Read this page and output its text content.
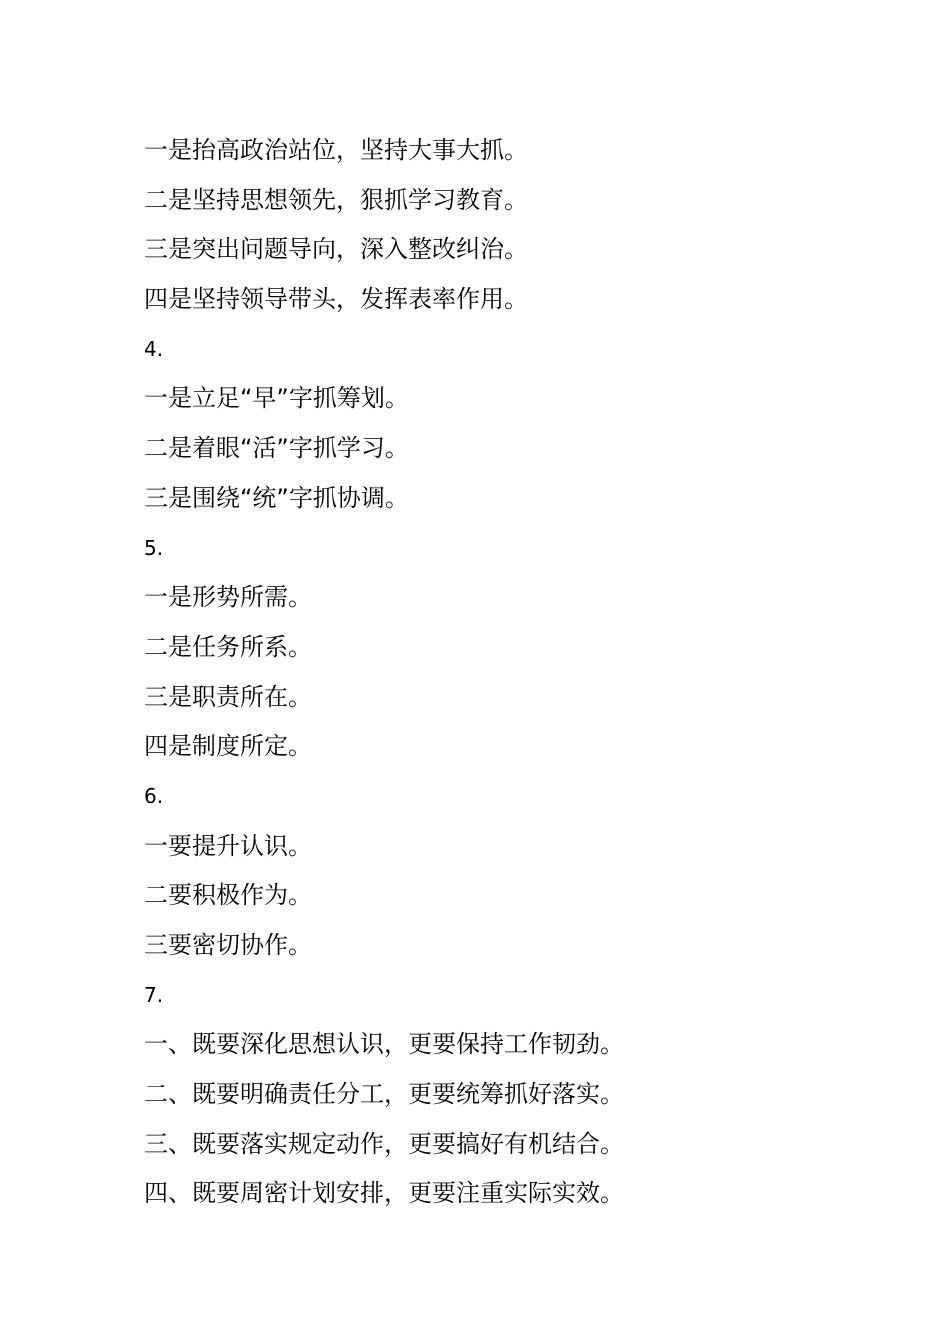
一是抬高政治站位，坚持大事大抓。
二是坚持思想领先，狠抓学习教育。
三是突出问题导向，深入整改纠治。
四是坚持领导带头，发挥表率作用。
4.
一是立足“早”字抓筹划。
二是着眼“活”字抓学习。
三是围绕“统”字抓协调。
5.
一是形势所需。
二是任务所系。
三是职责所在。
四是制度所定。
6.
一要提升认识。
二要积极作为。
三要密切协作。
7.
一、既要深化思想认识，更要保持工作韧劲。
二、既要明确责任分工，更要统筹抓好落实。
三、既要落实规定动作，更要搞好有机结合。
四、既要周密计划安排，更要注重实际实效。
